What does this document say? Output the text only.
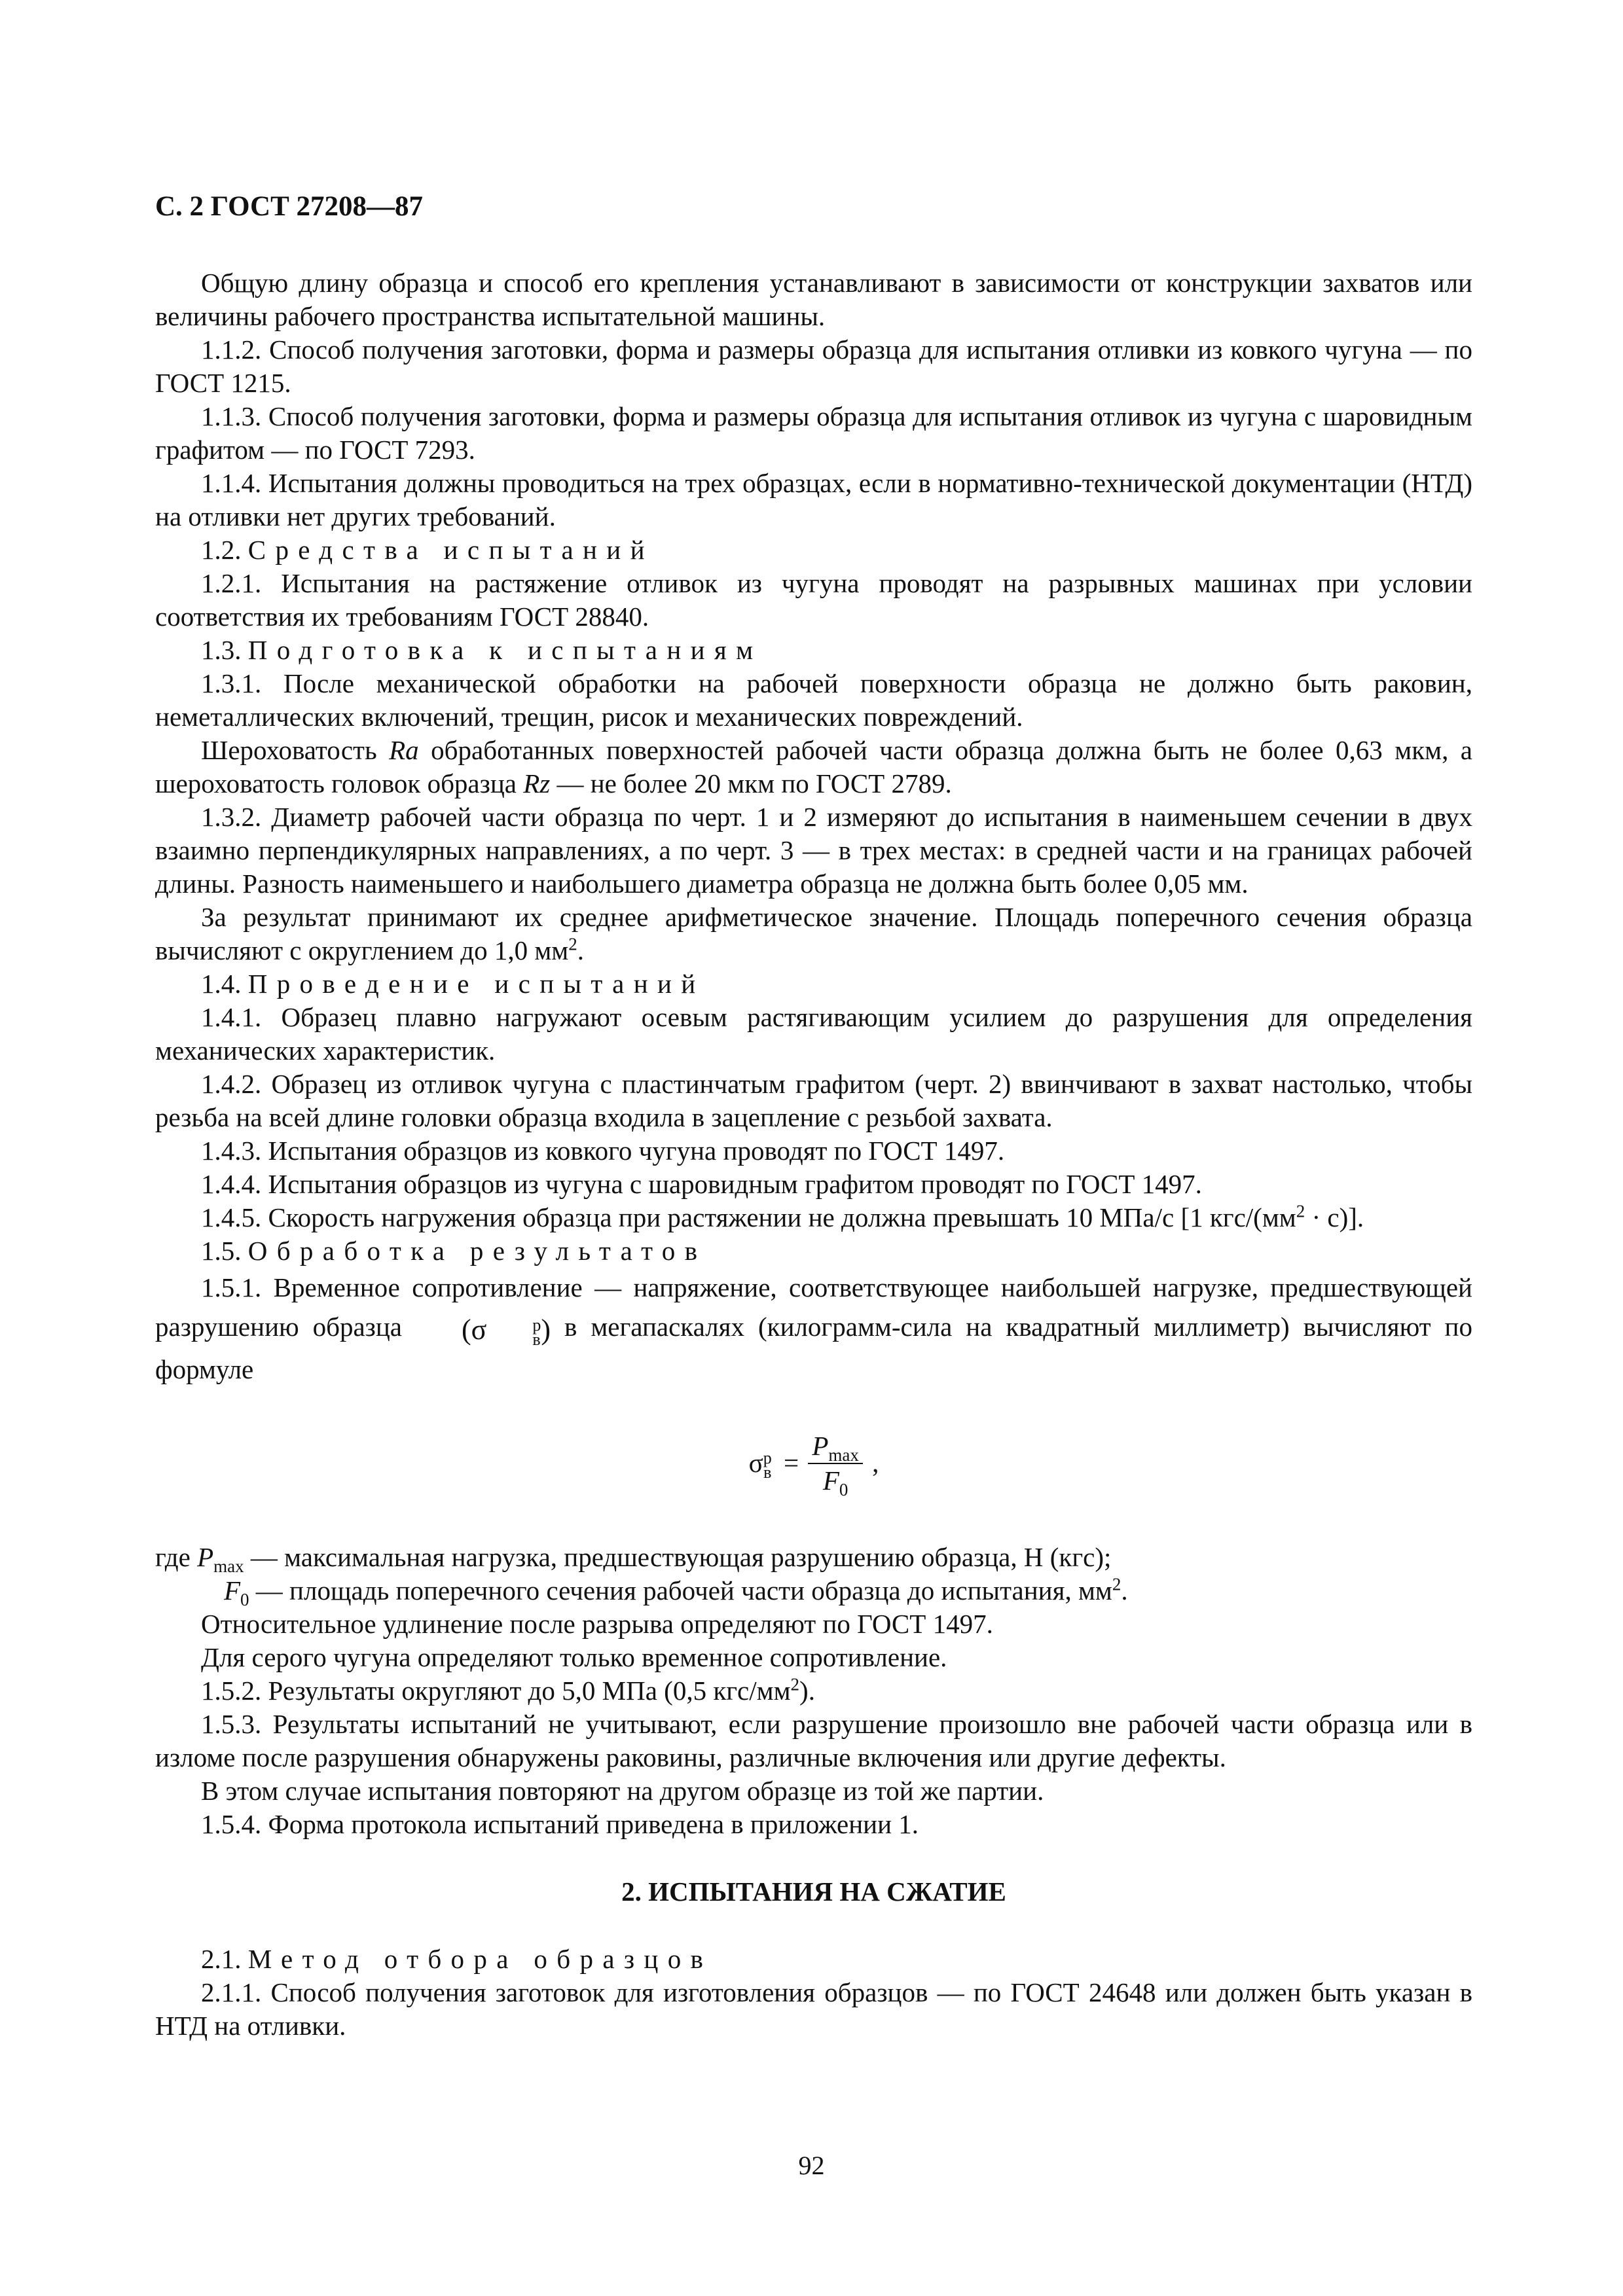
С. 2 ГОСТ 27208—87

Общую длину образца и способ его крепления устанавливают в зависимости от конструкции захватов или величины рабочего пространства испытательной машины.

1.1.2. Способ получения заготовки, форма и размеры образца для испытания отливки из ковкого чугуна — по ГОСТ 1215.

1.1.3. Способ получения заготовки, форма и размеры образца для испытания отливок из чугуна с шаровидным графитом — по ГОСТ 7293.

1.1.4. Испытания должны проводиться на трех образцах, если в нормативно-технической документации (НТД) на отливки нет других требований.

1.2. Средства испытаний

1.2.1. Испытания на растяжение отливок из чугуна проводят на разрывных машинах при условии соответствия их требованиям ГОСТ 28840.

1.3. Подготовка к испытаниям

1.3.1. После механической обработки на рабочей поверхности образца не должно быть раковин, неметаллических включений, трещин, рисок и механических повреждений.

Шероховатость Ra обработанных поверхностей рабочей части образца должна быть не более 0,63 мкм, а шероховатость головок образца Rz — не более 20 мкм по ГОСТ 2789.

1.3.2. Диаметр рабочей части образца по черт. 1 и 2 измеряют до испытания в наименьшем сечении в двух взаимно перпендикулярных направлениях, а по черт. 3 — в трех местах: в средней части и на границах рабочей длины. Разность наименьшего и наибольшего диаметра образца не должна быть более 0,05 мм.

За результат принимают их среднее арифметическое значение. Площадь поперечного сечения образца вычисляют с округлением до 1,0 $мм^2$.

1.4. Проведение испытаний

1.4.1. Образец плавно нагружают осевым растягивающим усилием до разрушения для определения механических характеристик.

1.4.2. Образец из отливок чугуна с пластинчатым графитом (черт. 2) ввинчивают в захват настолько, чтобы резьба на всей длине головки образца входила в зацепление с резьбой захвата.

1.4.3. Испытания образцов из ковкого чугуна проводят по ГОСТ 1497.

1.4.4. Испытания образцов из чугуна с шаровидным графитом проводят по ГОСТ 1497.

1.4.5. Скорость нагружения образца при растяжении не должна превышать 10 МПа/с [1 кгс/$(мм^2 \cdot с)$].

1.5. Обработка результатов

1.5.1. Временное сопротивление — напряжение, соответствующее наибольшей нагрузке, предшествующей разрушению образца (σ	р
в ) в мегапаскалях (килограмм-сила на квадратный миллиметр) вычисляют по формуле

σ р
$в = \frac{P_{max}}{F_0}$ ,

где $P_{max}$ — максимальная нагрузка, предшествующая разрушению образца, Н (кгс);

$F_0$ — площадь поперечного сечения рабочей части образца до испытания, $мм^2$.

Относительное удлинение после разрыва определяют по ГОСТ 1497.

Для серого чугуна определяют только временное сопротивление.

1.5.2. Результаты округляют до 5,0 МПа (0,5 кгс/$мм^2$).

1.5.3. Результаты испытаний не учитывают, если разрушение произошло вне рабочей части образца или в изломе после разрушения обнаружены раковины, различные включения или другие дефекты.

В этом случае испытания повторяют на другом образце из той же партии.

1.5.4. Форма протокола испытаний приведена в приложении 1.

2. ИСПЫТАНИЯ НА СЖАТИЕ

2.1. Метод отбора образцов

2.1.1. Способ получения заготовок для изготовления образцов — по ГОСТ 24648 или должен быть указан в НТД на отливки.

92
